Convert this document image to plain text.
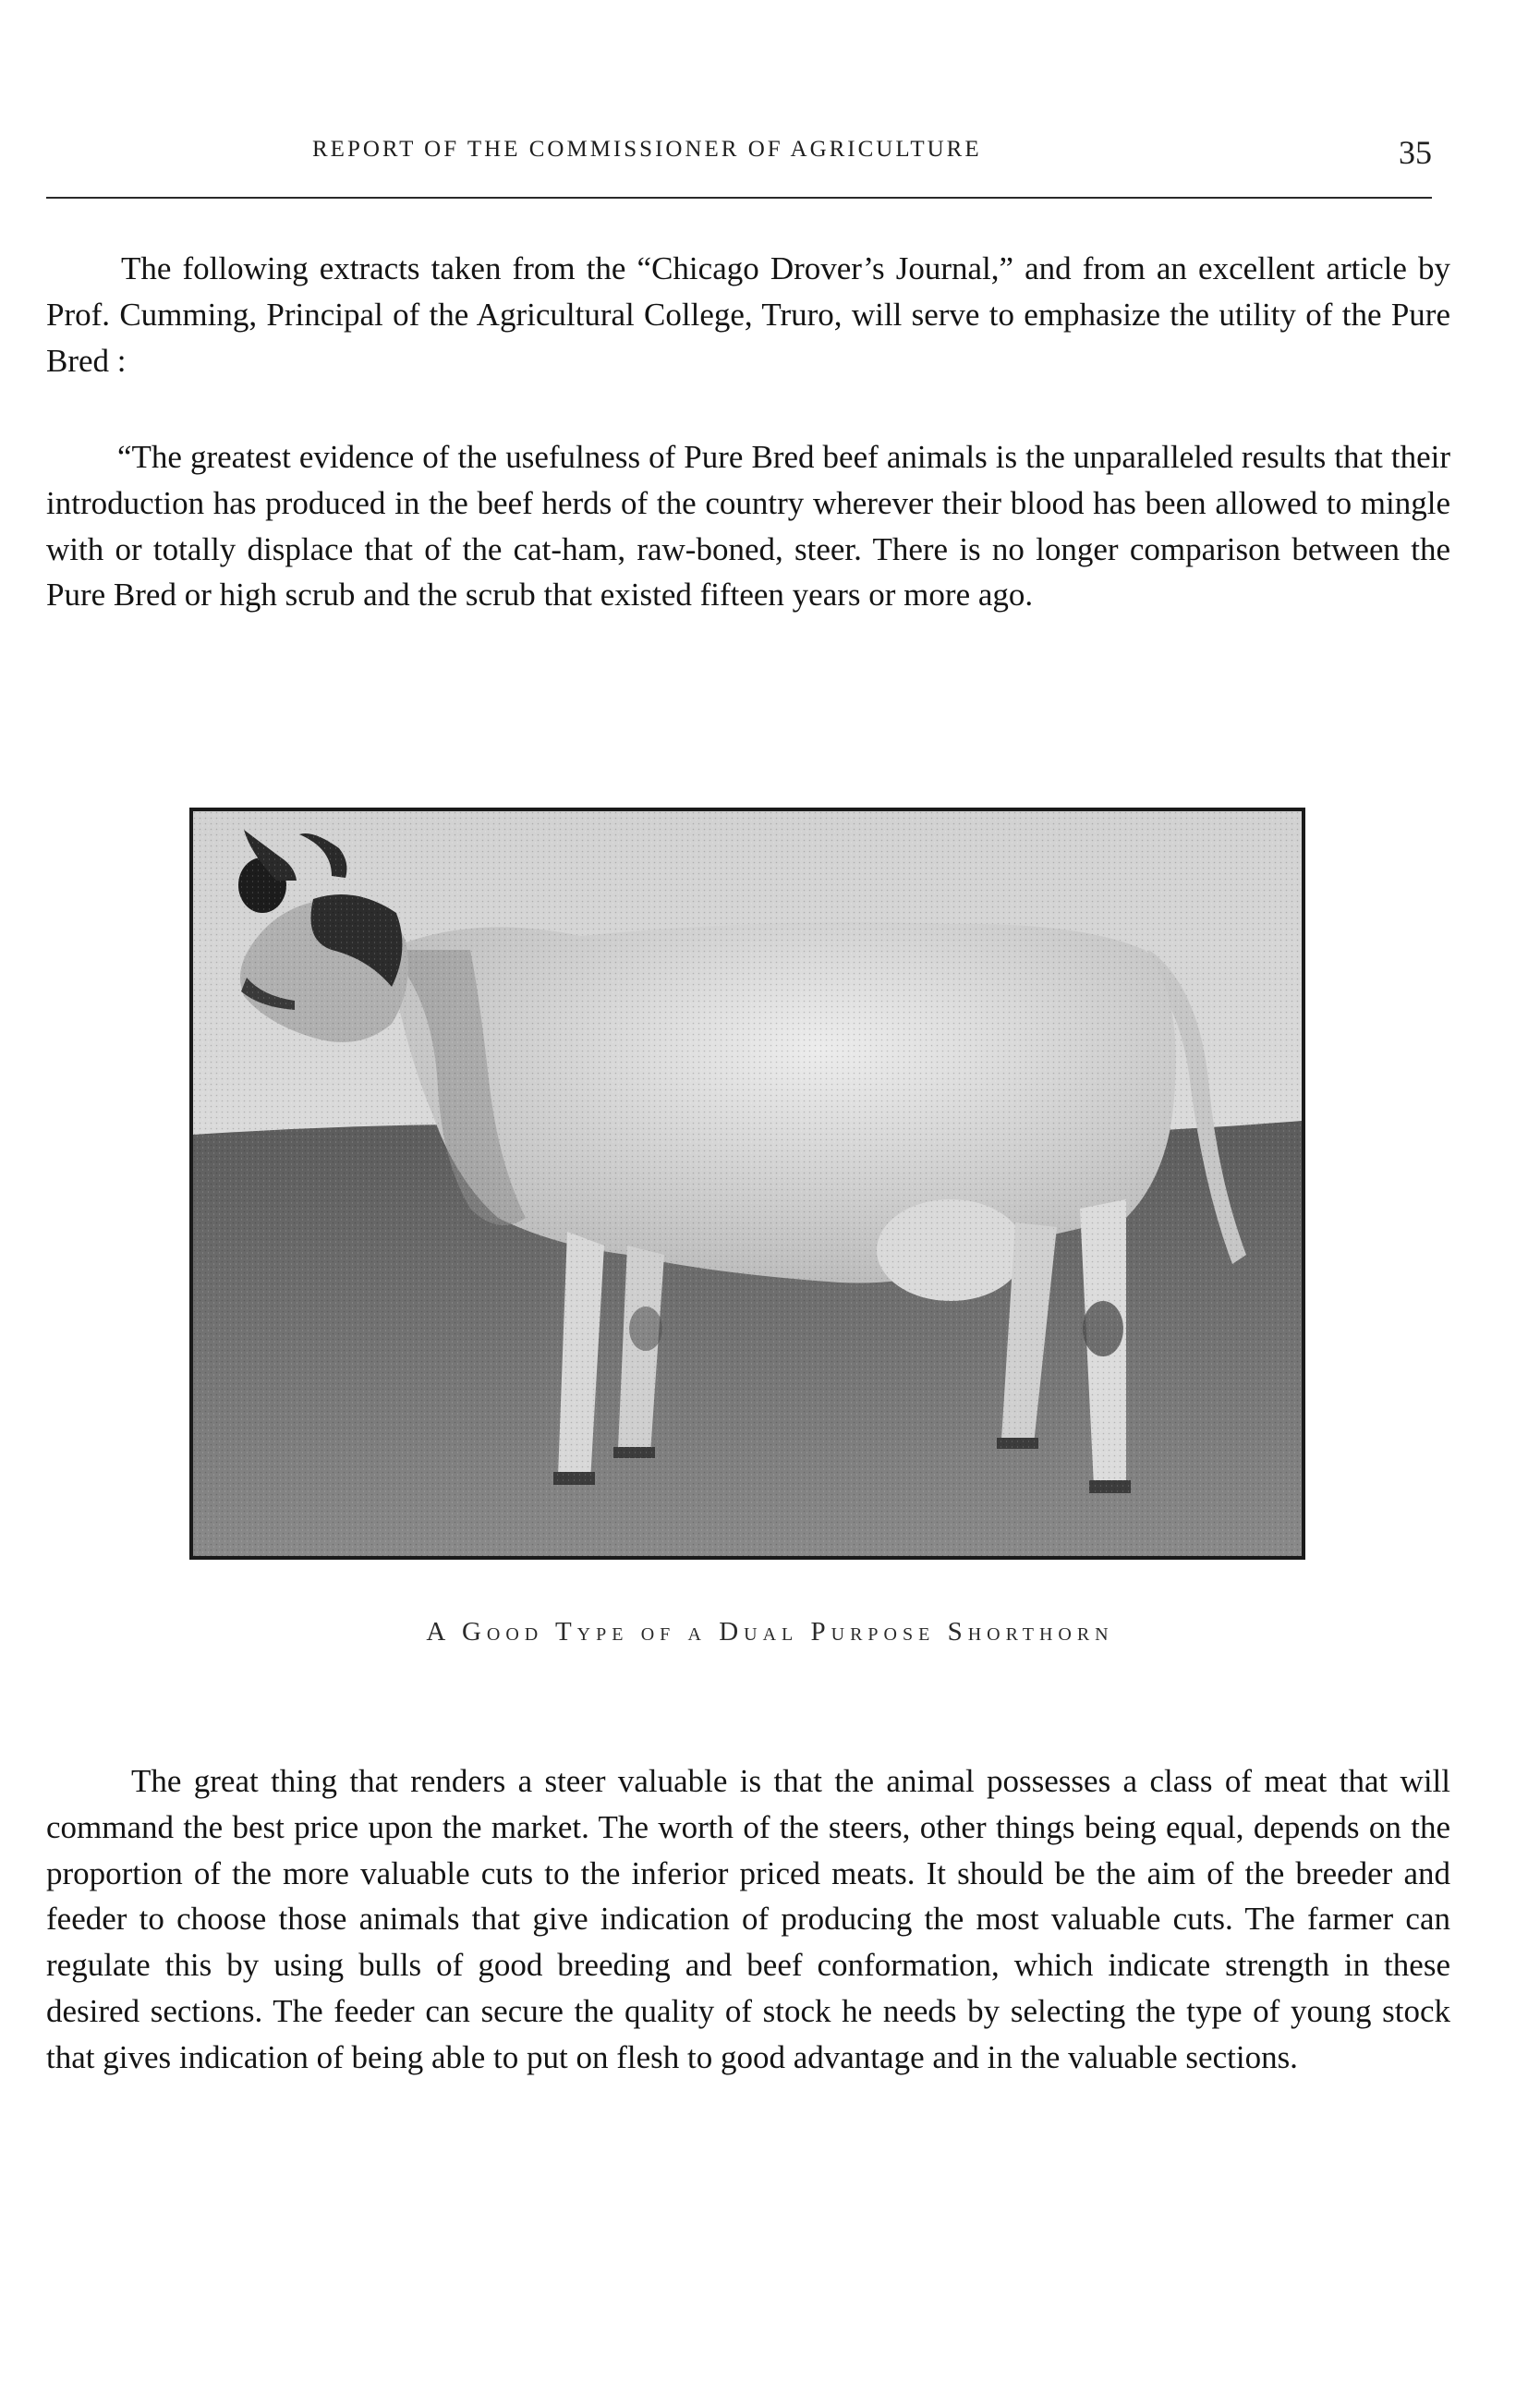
REPORT OF THE COMMISSIONER OF AGRICULTURE	35

The following extracts taken from the “Chicago Drover’s Journal,” and from an excellent article by Prof. Cumming, Principal of the Agricultural College, Truro, will serve to emphasize the utility of the Pure Bred :

“The greatest evidence of the usefulness of Pure Bred beef animals is the unparalleled results that their introduction has produced in the beef herds of the country wherever their blood has been allowed to mingle with or totally displace that of the cat-ham, raw-boned, steer. There is no longer comparison between the Pure Bred or high scrub and the scrub that existed fifteen years or more ago.

A Good Type of a Dual Purpose Shorthorn

The great thing that renders a steer valuable is that the animal possesses a class of meat that will command the best price upon the market. The worth of the steers, other things being equal, depends on the proportion of the more valuable cuts to the inferior priced meats. It should be the aim of the breeder and feeder to choose those animals that give indication of producing the most valuable cuts. The farmer can regulate this by using bulls of good breeding and beef conformation, which indicate strength in these desired sections. The feeder can secure the quality of stock he needs by selecting the type of young stock that gives indication of being able to put on flesh to good advantage and in the valuable sections.
